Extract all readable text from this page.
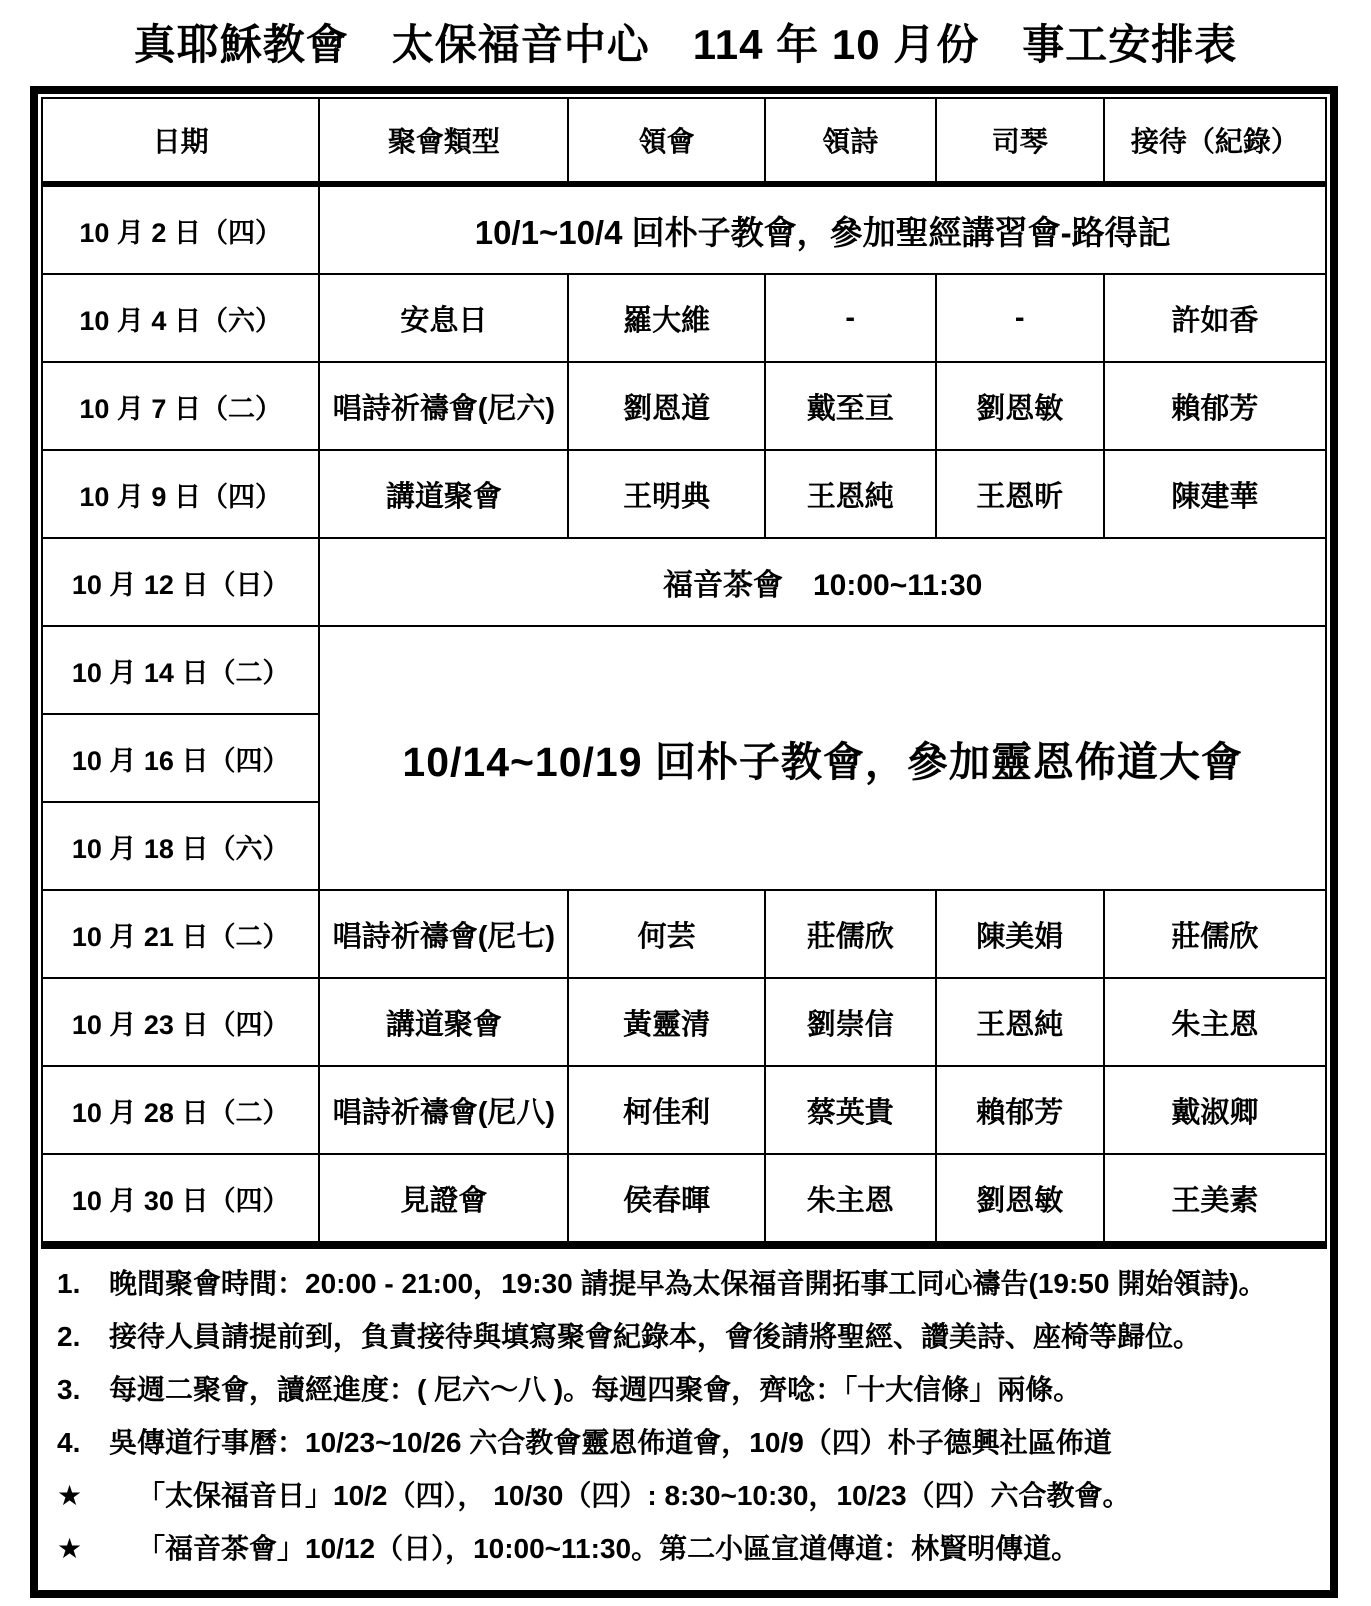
真耶穌教會　太保福音中心　114 年 10 月份　事工安排表
日期	聚會類型	領會	領詩	司琴	接待（紀錄）
10 月 2 日（四）	10/1~10/4 回朴子教會，參加聖經講習會-路得記				
10 月 4 日（六）	安息日	羅大維	-	-	許如香
10 月 7 日（二）	唱詩祈禱會(尼六)	劉恩道	戴至亘	劉恩敏	賴郁芳
10 月 9 日（四）	講道聚會	王明典	王恩純	王恩昕	陳建華
10 月 12 日（日）	福音茶會　10:00~11:30				
10 月 14 日（二）	10/14~10/19 回朴子教會，參加靈恩佈道大會				
10 月 16 日（四）					
10 月 18 日（六）					
10 月 21 日（二）	唱詩祈禱會(尼七)	何芸	莊儒欣	陳美娟	莊儒欣
10 月 23 日（四）	講道聚會	黃靈清	劉崇信	王恩純	朱主恩
10 月 28 日（二）	唱詩祈禱會(尼八)	柯佳利	蔡英貴	賴郁芳	戴淑卿
10 月 30 日（四）	見證會	侯春暉	朱主恩	劉恩敏	王美素
1.	晚間聚會時間：20:00 - 21:00，19:30 請提早為太保福音開拓事工同心禱告(19:50 開始領詩)。
2.	接待人員請提前到，負責接待與填寫聚會紀錄本，會後請將聖經、讚美詩、座椅等歸位。
3.	每週二聚會，讀經進度：( 尼六～八 )。每週四聚會，齊唸：「十大信條」兩條。
4.	吳傳道行事曆：10/23~10/26 六合教會靈恩佈道會，10/9（四）朴子德興社區佈道
★	「太保福音日」10/2（四）， 10/30（四）: 8:30~10:30，10/23（四）六合教會。
★	「福音茶會」10/12（日），10:00~11:30。第二小區宣道傳道：林賢明傳道。
